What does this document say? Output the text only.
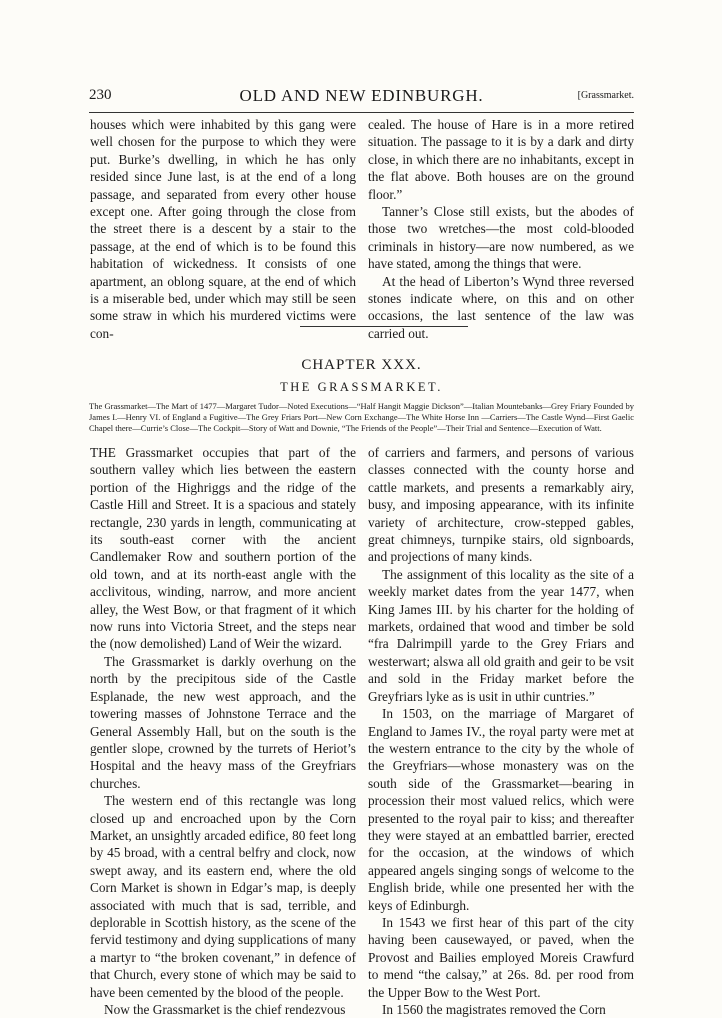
230	OLD AND NEW EDINBURGH.	[Grassmarket.

houses which were inhabited by this gang were well chosen for the purpose to which they were put. Burke’s dwelling, in which he has only resided since June last, is at the end of a long passage, and separated from every other house except one. After going through the close from the street there is a descent by a stair to the passage, at the end of which is to be found this habitation of wickedness. It consists of one apartment, an oblong square, at the end of which is a miserable bed, under which may still be seen some straw in which his murdered victims were con-

cealed. The house of Hare is in a more retired situation. The passage to it is by a dark and dirty close, in which there are no inhabitants, except in the flat above. Both houses are on the ground floor.”

Tanner’s Close still exists, but the abodes of those two wretches—the most cold-blooded criminals in history—are now numbered, as we have stated, among the things that were.

At the head of Liberton’s Wynd three reversed stones indicate where, on this and on other occasions, the last sentence of the law was carried out.

CHAPTER XXX.
THE GRASSMARKET.
The Grassmarket—The Mart of 1477—Margaret Tudor—Noted Executions—“Half Hangit Maggie Dickson”—Italian Mountebanks—Grey Friary Founded by James I.—Henry VI. of England a Fugitive—The Grey Friars Port—New Corn Exchange—The White Horse Inn —Carriers—The Castle Wynd—First Gaelic Chapel there—Currie’s Close—The Cockpit—Story of Watt and Downie, “The Friends of the People”—Their Trial and Sentence—Execution of Watt.

THE Grassmarket occupies that part of the southern valley which lies between the eastern portion of the Highriggs and the ridge of the Castle Hill and Street. It is a spacious and stately rectangle, 230 yards in length, communicating at its south-east corner with the ancient Candlemaker Row and southern portion of the old town, and at its north-east angle with the acclivitous, winding, narrow, and more ancient alley, the West Bow, or that fragment of it which now runs into Victoria Street, and the steps near the (now demolished) Land of Weir the wizard.

The Grassmarket is darkly overhung on the north by the precipitous side of the Castle Esplanade, the new west approach, and the towering masses of Johnstone Terrace and the General Assembly Hall, but on the south is the gentler slope, crowned by the turrets of Heriot’s Hospital and the heavy mass of the Greyfriars churches.

The western end of this rectangle was long closed up and encroached upon by the Corn Market, an unsightly arcaded edifice, 80 feet long by 45 broad, with a central belfry and clock, now swept away, and its eastern end, where the old Corn Market is shown in Edgar’s map, is deeply associated with much that is sad, terrible, and deplorable in Scottish history, as the scene of the fervid testimony and dying supplications of many a martyr to “the broken covenant,” in defence of that Church, every stone of which may be said to have been cemented by the blood of the people.

Now the Grassmarket is the chief rendezvous

of carriers and farmers, and persons of various classes connected with the county horse and cattle markets, and presents a remarkably airy, busy, and imposing appearance, with its infinite variety of architecture, crow-stepped gables, great chimneys, turnpike stairs, old signboards, and projections of many kinds.

The assignment of this locality as the site of a weekly market dates from the year 1477, when King James III. by his charter for the holding of markets, ordained that wood and timber be sold “fra Dalrimpill yarde to the Grey Friars and westerwart; alswa all old graith and geir to be vsit and sold in the Friday market before the Greyfriars lyke as is usit in uthir cuntries.”

In 1503, on the marriage of Margaret of England to James IV., the royal party were met at the western entrance to the city by the whole of the Greyfriars—whose monastery was on the south side of the Grassmarket—bearing in procession their most valued relics, which were presented to the royal pair to kiss; and thereafter they were stayed at an embattled barrier, erected for the occasion, at the windows of which appeared angels singing songs of welcome to the English bride, while one presented her with the keys of Edinburgh.

In 1543 we first hear of this part of the city having been causewayed, or paved, when the Provost and Bailies employed Moreis Crawfurd to mend “the calsay,” at 26s. 8d. per rood from the Upper Bow to the West Port.

In 1560 the magistrates removed the Corn
